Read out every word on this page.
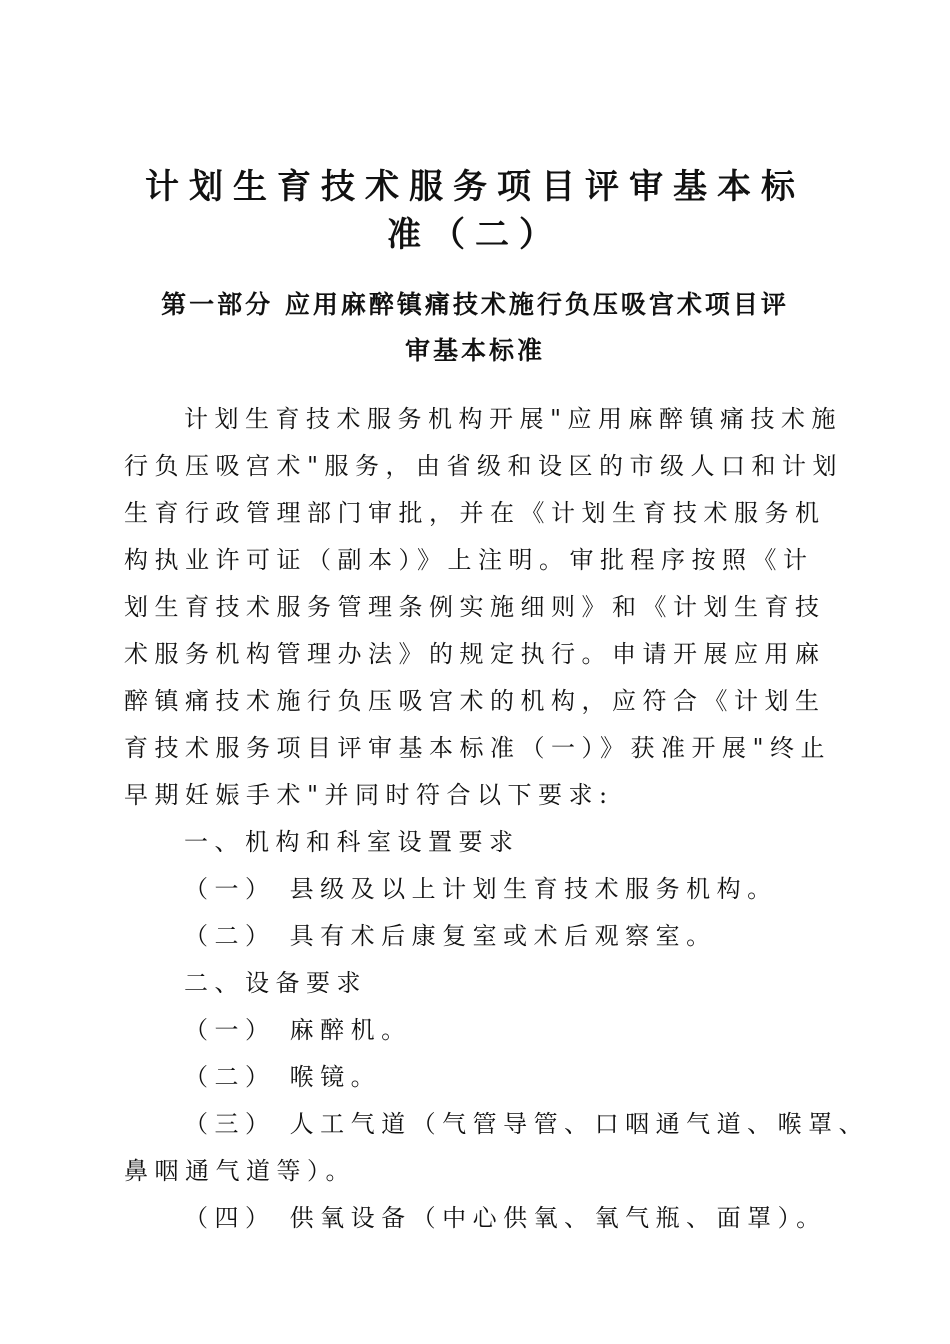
计划生育技术服务项目评审基本标
准（二）
第一部分 应用麻醉镇痛技术施行负压吸宫术项目评
审基本标准

计划生育技术服务机构开展"应用麻醉镇痛技术施

行负压吸宫术"服务，由省级和设区的市级人口和计划

生育行政管理部门审批，并在《计划生育技术服务机

构执业许可证（副本）》上注明。审批程序按照《计

划生育技术服务管理条例实施细则》和《计划生育技

术服务机构管理办法》的规定执行。申请开展应用麻

醉镇痛技术施行负压吸宫术的机构，应符合《计划生

育技术服务项目评审基本标准（一）》获准开展"终止

早期妊娠手术"并同时符合以下要求:

一、机构和科室设置要求

（一） 县级及以上计划生育技术服务机构。

（二） 具有术后康复室或术后观察室。

二、设备要求

（一） 麻醉机。

（二） 喉镜。

（三） 人工气道（气管导管、口咽通气道、喉罩、

鼻咽通气道等）。

（四） 供氧设备（中心供氧、氧气瓶、面罩）。
